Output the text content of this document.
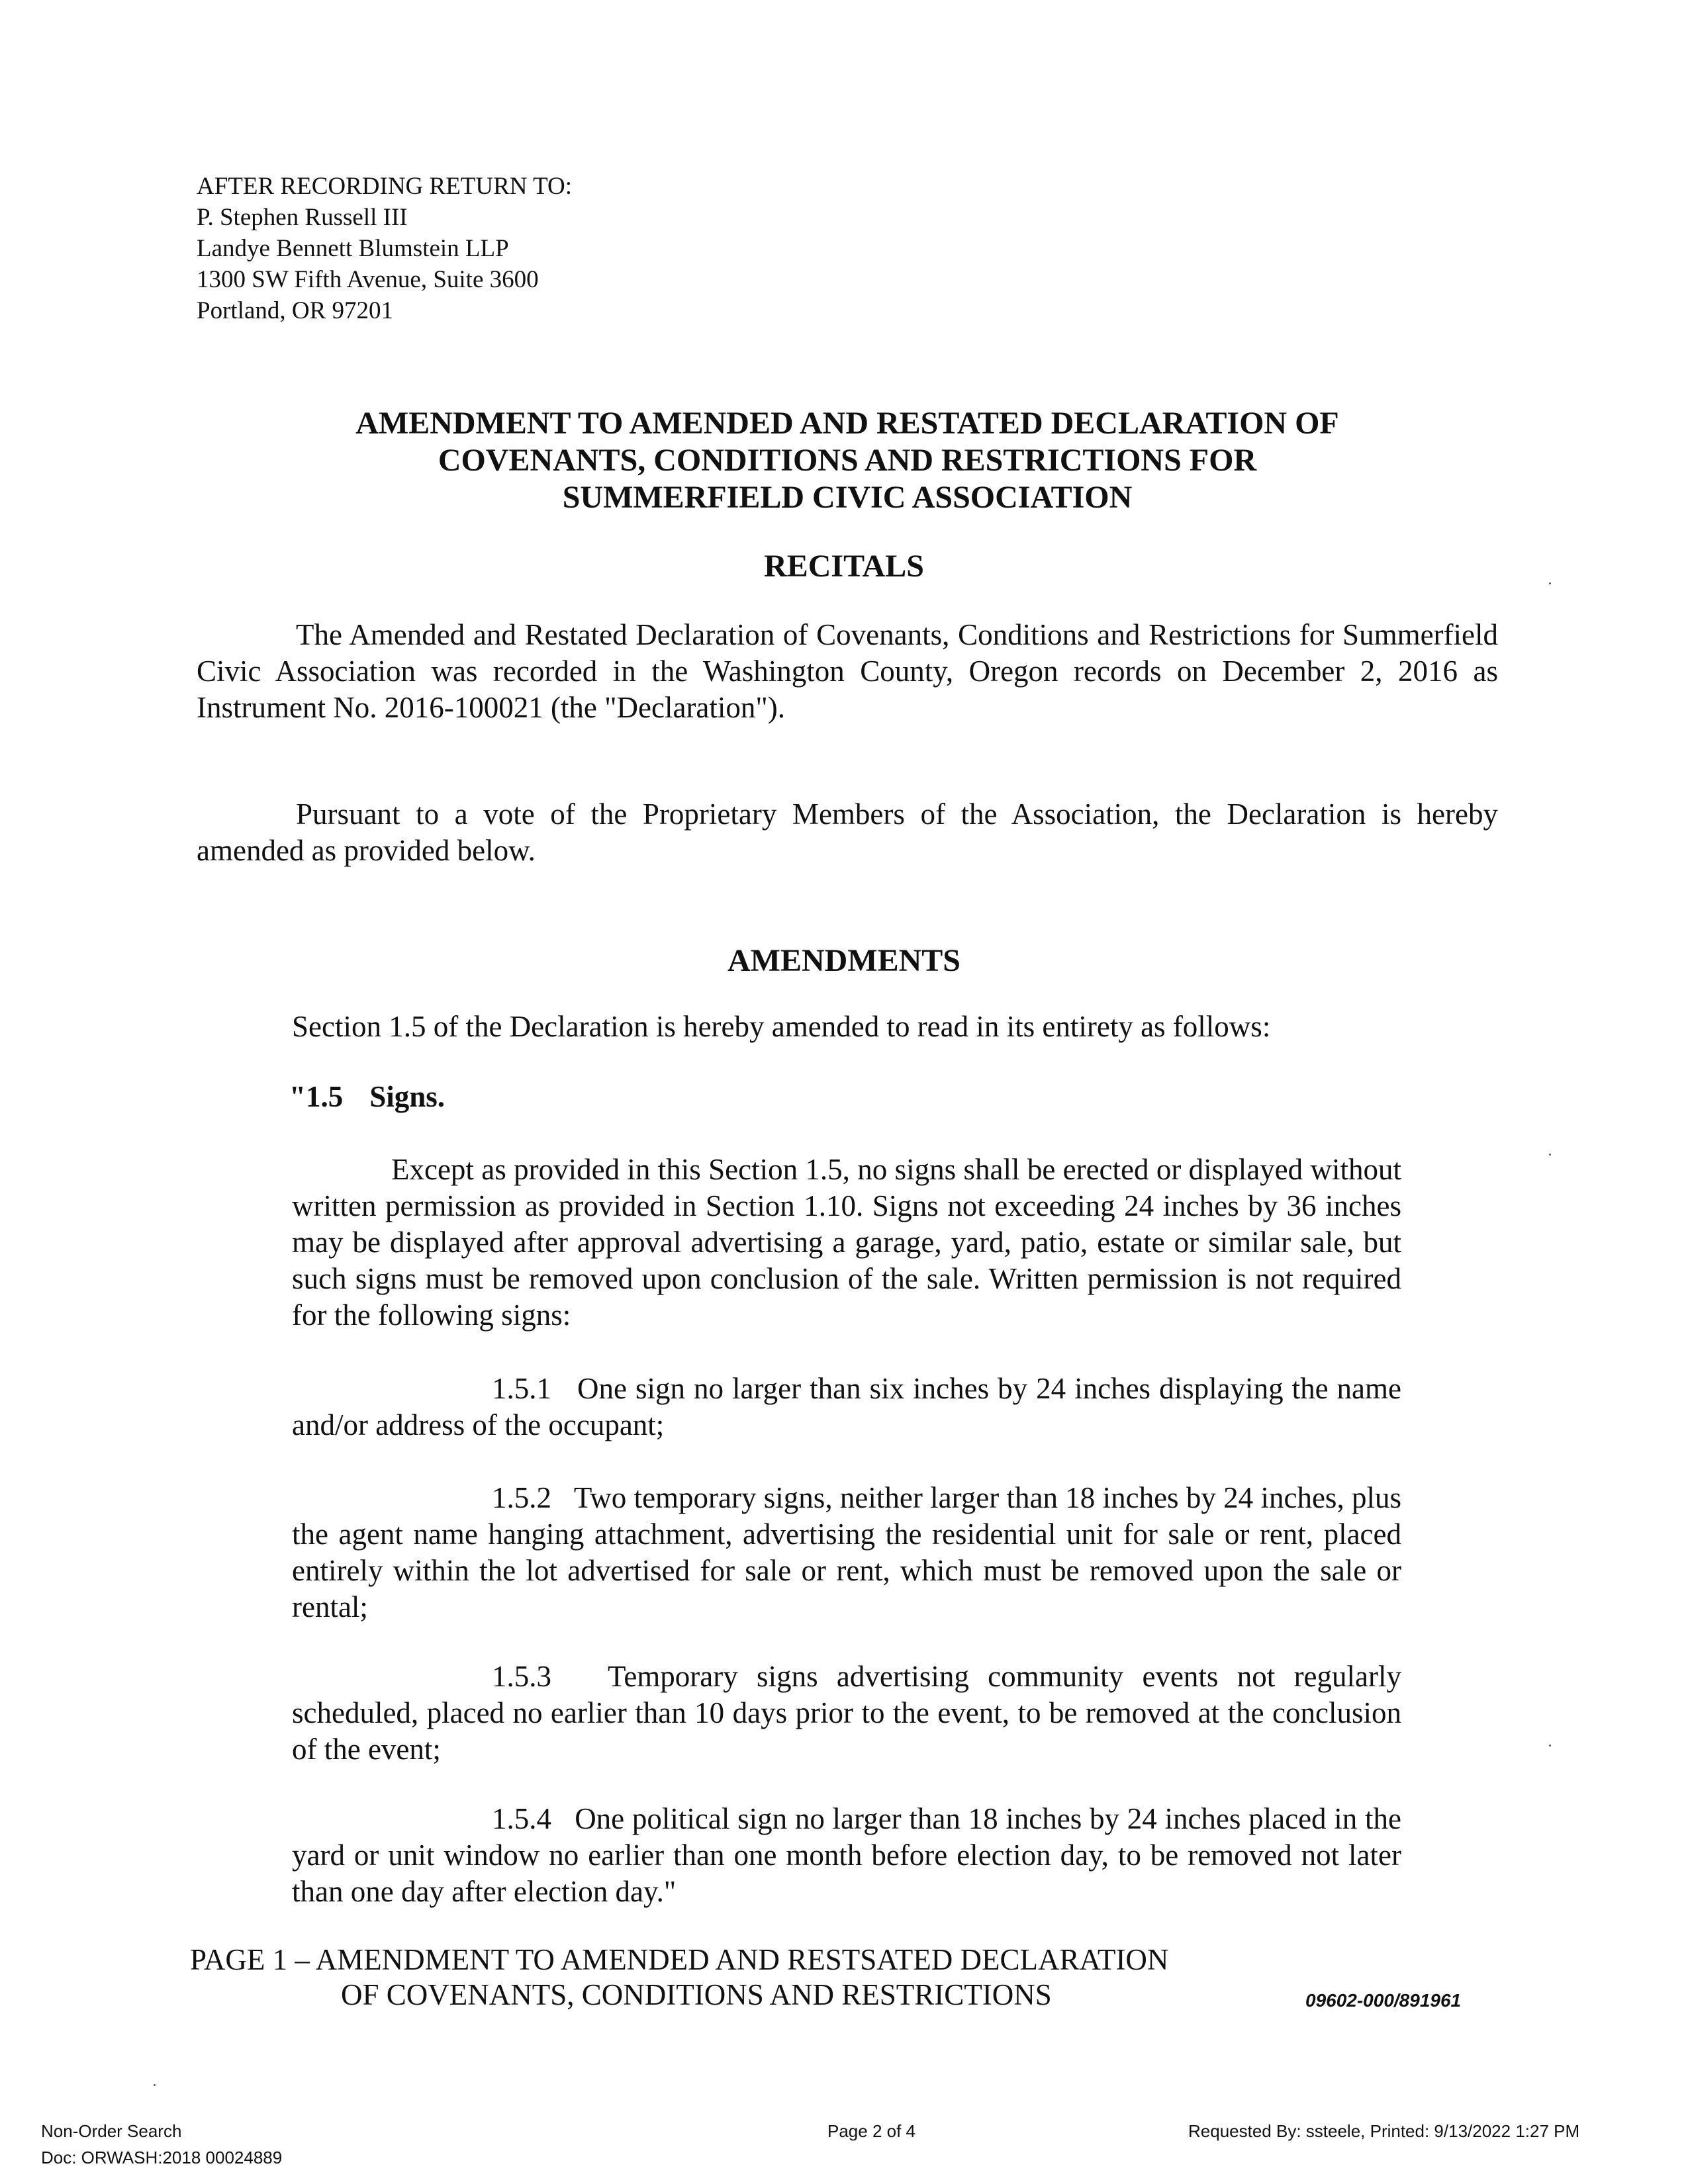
AFTER RECORDING RETURN TO:
P. Stephen Russell III
Landye Bennett Blumstein LLP
1300 SW Fifth Avenue, Suite 3600
Portland, OR 97201
AMENDMENT TO AMENDED AND RESTATED DECLARATION OF
COVENANTS, CONDITIONS AND RESTRICTIONS FOR
SUMMERFIELD CIVIC ASSOCIATION
RECITALS
The Amended and Restated Declaration of Covenants, Conditions and Restrictions for Summerfield Civic Association was recorded in the Washington County, Oregon records on December 2, 2016 as Instrument No. 2016-100021 (the "Declaration").
Pursuant to a vote of the Proprietary Members of the Association, the Declaration is hereby amended as provided below.
AMENDMENTS
Section 1.5 of the Declaration is hereby amended to read in its entirety as follows:
"1.5 Signs.
Except as provided in this Section 1.5, no signs shall be erected or displayed without written permission as provided in Section 1.10. Signs not exceeding 24 inches by 36 inches may be displayed after approval advertising a garage, yard, patio, estate or similar sale, but such signs must be removed upon conclusion of the sale. Written permission is not required for the following signs:
1.5.1 One sign no larger than six inches by 24 inches displaying the name and/or address of the occupant;
1.5.2 Two temporary signs, neither larger than 18 inches by 24 inches, plus the agent name hanging attachment, advertising the residential unit for sale or rent, placed entirely within the lot advertised for sale or rent, which must be removed upon the sale or rental;
1.5.3 Temporary signs advertising community events not regularly scheduled, placed no earlier than 10 days prior to the event, to be removed at the conclusion of the event;
1.5.4 One political sign no larger than 18 inches by 24 inches placed in the yard or unit window no earlier than one month before election day, to be removed not later than one day after election day."
PAGE 1 – AMENDMENT TO AMENDED AND RESTSATED DECLARATION
OF COVENANTS, CONDITIONS AND RESTRICTIONS	09602-000/891961
Non-Order Search
Doc: ORWASH:2018 00024889
Page 2 of 4	Requested By: ssteele, Printed: 9/13/2022 1:27 PM
